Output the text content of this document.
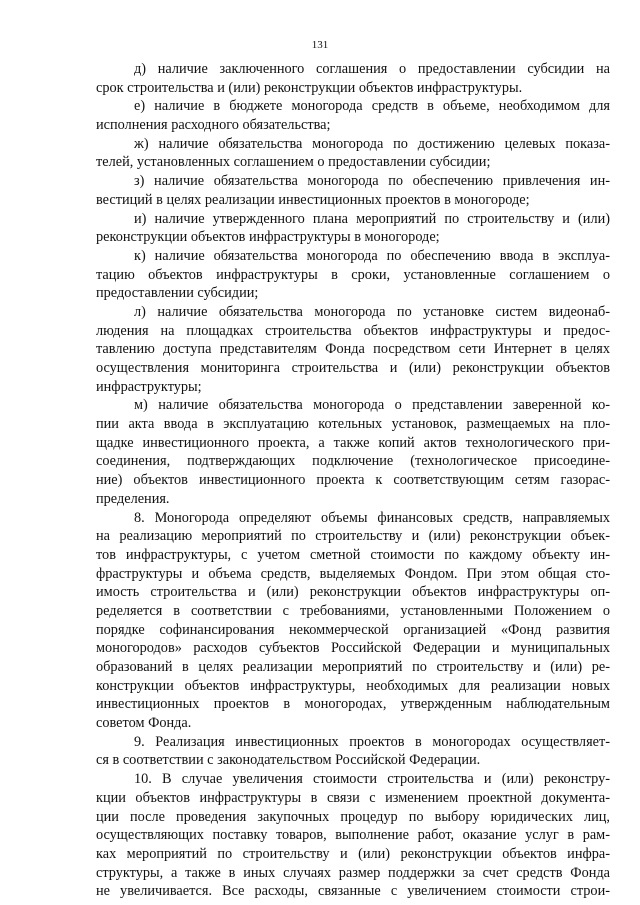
131
д) наличие заключенного соглашения о предоставлении субсидии на
срок строительства и (или) реконструкции объектов инфраструктуры.
е) наличие в бюджете моногорода средств в объеме, необходимом для
исполнения расходного обязательства;
ж) наличие обязательства моногорода по достижению целевых показа-
телей, установленных соглашением о предоставлении субсидии;
з) наличие обязательства моногорода по обеспечению привлечения ин-
вестиций в целях реализации инвестиционных проектов в моногороде;
и) наличие утвержденного плана мероприятий по строительству и (или)
реконструкции объектов инфраструктуры в моногороде;
к) наличие обязательства моногорода по обеспечению ввода в эксплуа-
тацию объектов инфраструктуры в сроки, установленные соглашением о
предоставлении субсидии;
л) наличие обязательства моногорода по установке систем видеонаб-
людения на площадках строительства объектов инфраструктуры и предос-
тавлению доступа представителям Фонда посредством сети Интернет в целях
осуществления мониторинга строительства и (или) реконструкции объектов
инфраструктуры;
м) наличие обязательства моногорода о представлении заверенной ко-
пии акта ввода в эксплуатацию котельных установок, размещаемых на пло-
щадке инвестиционного проекта, а также копий актов технологического при-
соединения, подтверждающих подключение (технологическое присоедине-
ние) объектов инвестиционного проекта к соответствующим сетям газорас-
пределения.
8. Моногорода определяют объемы финансовых средств, направляемых
на реализацию мероприятий по строительству и (или) реконструкции объек-
тов инфраструктуры, с учетом сметной стоимости по каждому объекту ин-
фраструктуры и объема средств, выделяемых Фондом. При этом общая сто-
имость строительства и (или) реконструкции объектов инфраструктуры оп-
ределяется в соответствии с требованиями, установленными Положением о
порядке софинансирования некоммерческой организацией «Фонд развития
моногородов» расходов субъектов Российской Федерации и муниципальных
образований в целях реализации мероприятий по строительству и (или) ре-
конструкции объектов инфраструктуры, необходимых для реализации новых
инвестиционных проектов в моногородах, утвержденным наблюдательным
советом Фонда.
9. Реализация инвестиционных проектов в моногородах осуществляет-
ся в соответствии с законодательством Российской Федерации.
10. В случае увеличения стоимости строительства и (или) реконстру-
кции объектов инфраструктуры в связи с изменением проектной документа-
ции после проведения закупочных процедур по выбору юридических лиц,
осуществляющих поставку товаров, выполнение работ, оказание услуг в рам-
ках мероприятий по строительству и (или) реконструкции объектов инфра-
структуры, а также в иных случаях размер поддержки за счет средств Фонда
не увеличивается. Все расходы, связанные с увеличением стоимости строи-
